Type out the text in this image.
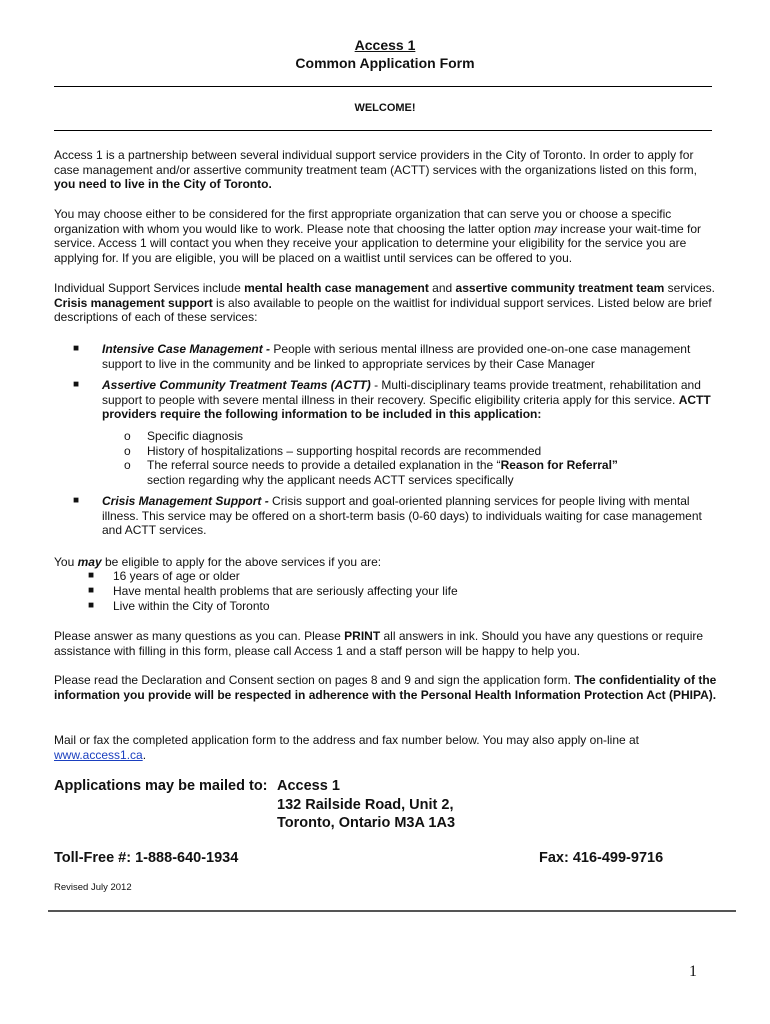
Access 1
Common Application Form
WELCOME!
Access 1 is a partnership between several individual support service providers in the City of Toronto. In order to apply for case management and/or assertive community treatment team (ACTT) services with the organizations listed on this form, you need to live in the City of Toronto.
You may choose either to be considered for the first appropriate organization that can serve you or choose a specific organization with whom you would like to work. Please note that choosing the latter option may increase your wait-time for service. Access 1 will contact you when they receive your application to determine your eligibility for the service you are applying for. If you are eligible, you will be placed on a waitlist until services can be offered to you.
Individual Support Services include mental health case management and assertive community treatment team services. Crisis management support is also available to people on the waitlist for individual support services. Listed below are brief descriptions of each of these services:
■ Intensive Case Management - People with serious mental illness are provided one-on-one case management support to live in the community and be linked to appropriate services by their Case Manager
■ Assertive Community Treatment Teams (ACTT) - Multi-disciplinary teams provide treatment, rehabilitation and support to people with severe mental illness in their recovery. Specific eligibility criteria apply for this service. ACTT providers require the following information to be included in this application:
o Specific diagnosis
o History of hospitalizations – supporting hospital records are recommended
o The referral source needs to provide a detailed explanation in the “Reason for Referral”
section regarding why the applicant needs ACTT services specifically
■ Crisis Management Support - Crisis support and goal-oriented planning services for people living with mental illness. This service may be offered on a short-term basis (0-60 days) to individuals waiting for case management and ACTT services.
You may be eligible to apply for the above services if you are:
■ 16 years of age or older
■ Have mental health problems that are seriously affecting your life
■ Live within the City of Toronto
Please answer as many questions as you can. Please PRINT all answers in ink. Should you have any questions or require assistance with filling in this form, please call Access 1 and a staff person will be happy to help you.
Please read the Declaration and Consent section on pages 8 and 9 and sign the application form. The confidentiality of the information you provide will be respected in adherence with the Personal Health Information Protection Act (PHIPA).
Mail or fax the completed application form to the address and fax number below. You may also apply on-line at www.access1.ca.
Applications may be mailed to: Access 1
132 Railside Road, Unit 2,
Toronto, Ontario M3A 1A3
Toll-Free #: 1-888-640-1934	Fax: 416-499-9716
Revised July 2012
1
